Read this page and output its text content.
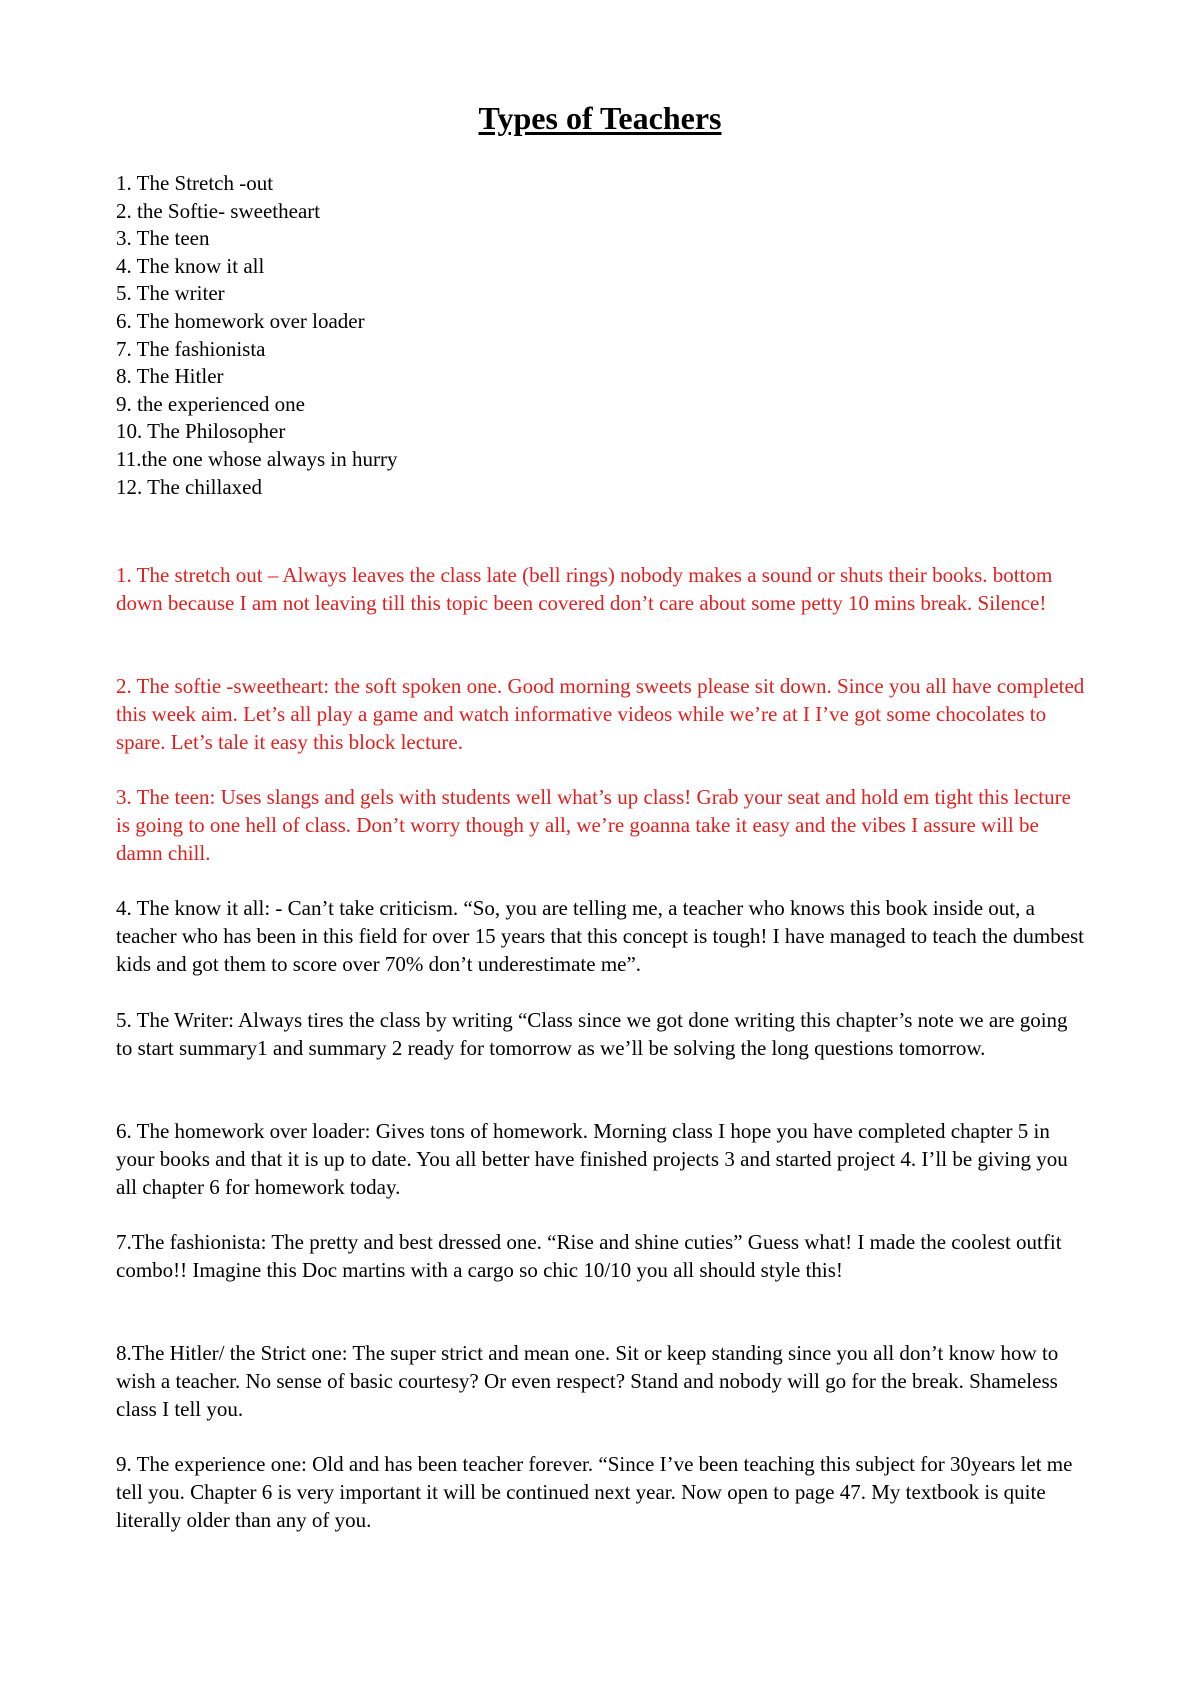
Types of Teachers
1. The Stretch -out
2. the Softie- sweetheart
3. The teen
4. The know it all
5. The writer
6. The homework over loader
7. The fashionista
8. The Hitler
9. the experienced one
10. The Philosopher
11.the one whose always in hurry
12. The chillaxed

1. The stretch out – Always leaves the class late (bell rings) nobody makes a sound or shuts their books. bottom down because I am not leaving till this topic been covered don’t care about some petty 10 mins break. Silence!

2. The softie -sweetheart: the soft spoken one. Good morning sweets please sit down. Since you all have completed this week aim. Let’s all play a game and watch informative videos while we’re at I I’ve got some chocolates to spare. Let’s tale it easy this block lecture.

3. The teen: Uses slangs and gels with students well what’s up class! Grab your seat and hold em tight this lecture is going to one hell of class. Don’t worry though y all, we’re goanna take it easy and the vibes I assure will be damn chill.

4. The know it all: - Can’t take criticism. “So, you are telling me, a teacher who knows this book inside out, a teacher who has been in this field for over 15 years that this concept is tough! I have managed to teach the dumbest kids and got them to score over 70% don’t underestimate me”.

5. The Writer: Always tires the class by writing “Class since we got done writing this chapter’s note we are going to start summary1 and summary 2 ready for tomorrow as we’ll be solving the long questions tomorrow.

6. The homework over loader: Gives tons of homework. Morning class I hope you have completed chapter 5 in your books and that it is up to date. You all better have finished projects 3 and started project 4. I’ll be giving you all chapter 6 for homework today.

7.The fashionista: The pretty and best dressed one. “Rise and shine cuties” Guess what! I made the coolest outfit combo!! Imagine this Doc martins with a cargo so chic 10/10 you all should style this!

8.The Hitler/ the Strict one: The super strict and mean one. Sit or keep standing since you all don’t know how to wish a teacher. No sense of basic courtesy? Or even respect? Stand and nobody will go for the break. Shameless class I tell you.

9. The experience one: Old and has been teacher forever. “Since I’ve been teaching this subject for 30years let me tell you. Chapter 6 is very important it will be continued next year. Now open to page 47. My textbook is quite literally older than any of you.
